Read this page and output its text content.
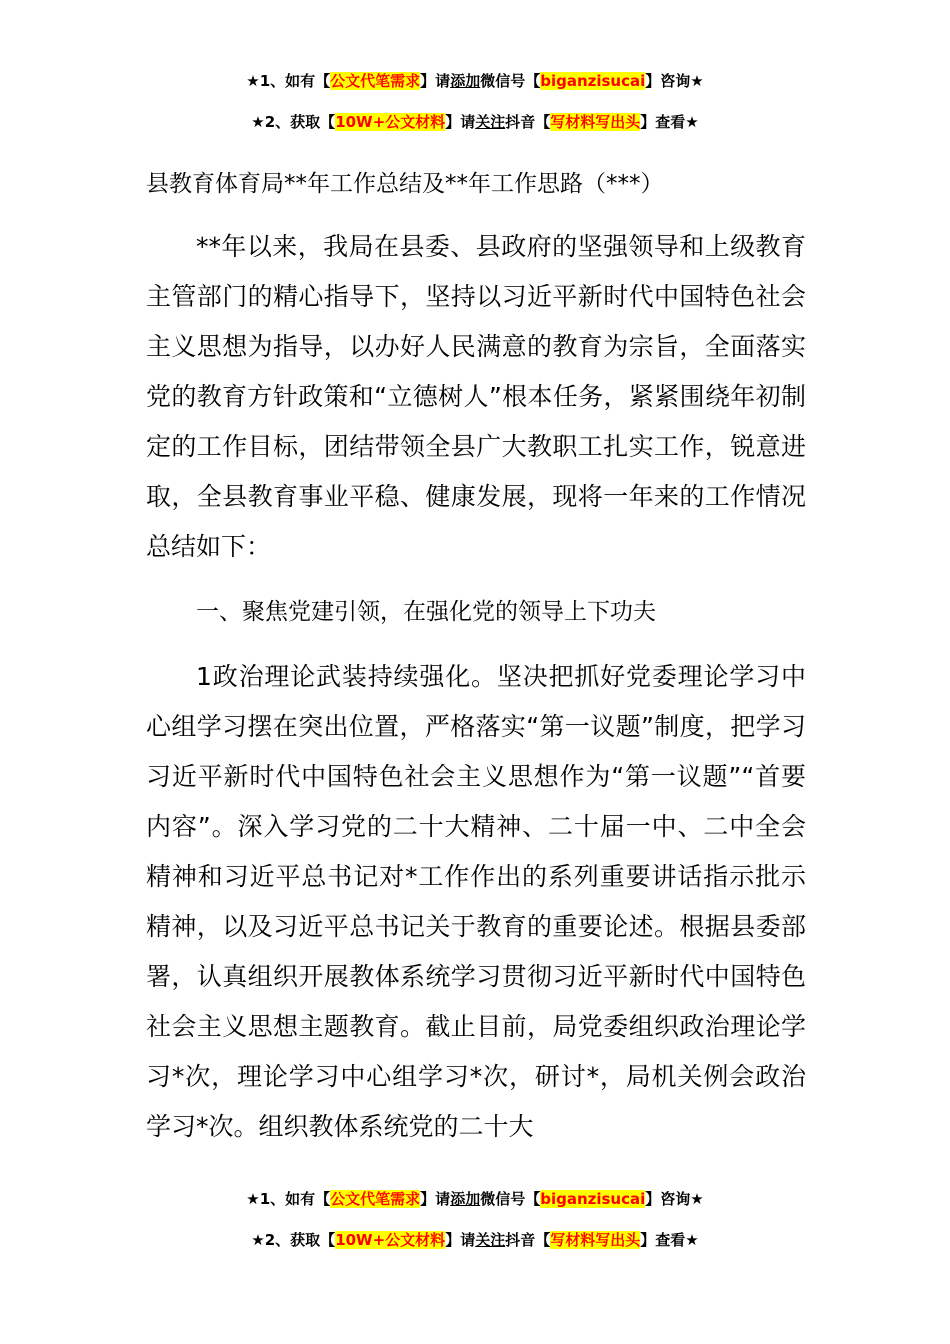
★1、如有【公文代笔需求】请添加微信号【biganzisucai】咨询★
★2、获取【10W+公文材料】请关注抖音【写材料写出头】查看★
县教育体育局**年工作总结及**年工作思路（***）

**年以来，我局在县委、县政府的坚强领导和上级教育主管部门的精心指导下，坚持以习近平新时代中国特色社会主义思想为指导，以办好人民满意的教育为宗旨，全面落实党的教育方针政策和“立德树人”根本任务，紧紧围绕年初制定的工作目标，团结带领全县广大教职工扎实工作，锐意进取，全县教育事业平稳、健康发展，现将一年来的工作情况总结如下：

一、聚焦党建引领，在强化党的领导上下功夫

1政治理论武装持续强化。坚决把抓好党委理论学习中心组学习摆在突出位置，严格落实“第一议题”制度，把学习习近平新时代中国特色社会主义思想作为“第一议题”“首要内容”。深入学习党的二十大精神、二十届一中、二中全会精神和习近平总书记对*工作作出的系列重要讲话指示批示精神，以及习近平总书记关于教育的重要论述。根据县委部署，认真组织开展教体系统学习贯彻习近平新时代中国特色社会主义思想主题教育。截止目前，局党委组织政治理论学习*次，理论学习中心组学习*次，研讨*，局机关例会政治学习*次。组织教体系统党的二十大

★1、如有【公文代笔需求】请添加微信号【biganzisucai】咨询★
★2、获取【10W+公文材料】请关注抖音【写材料写出头】查看★
